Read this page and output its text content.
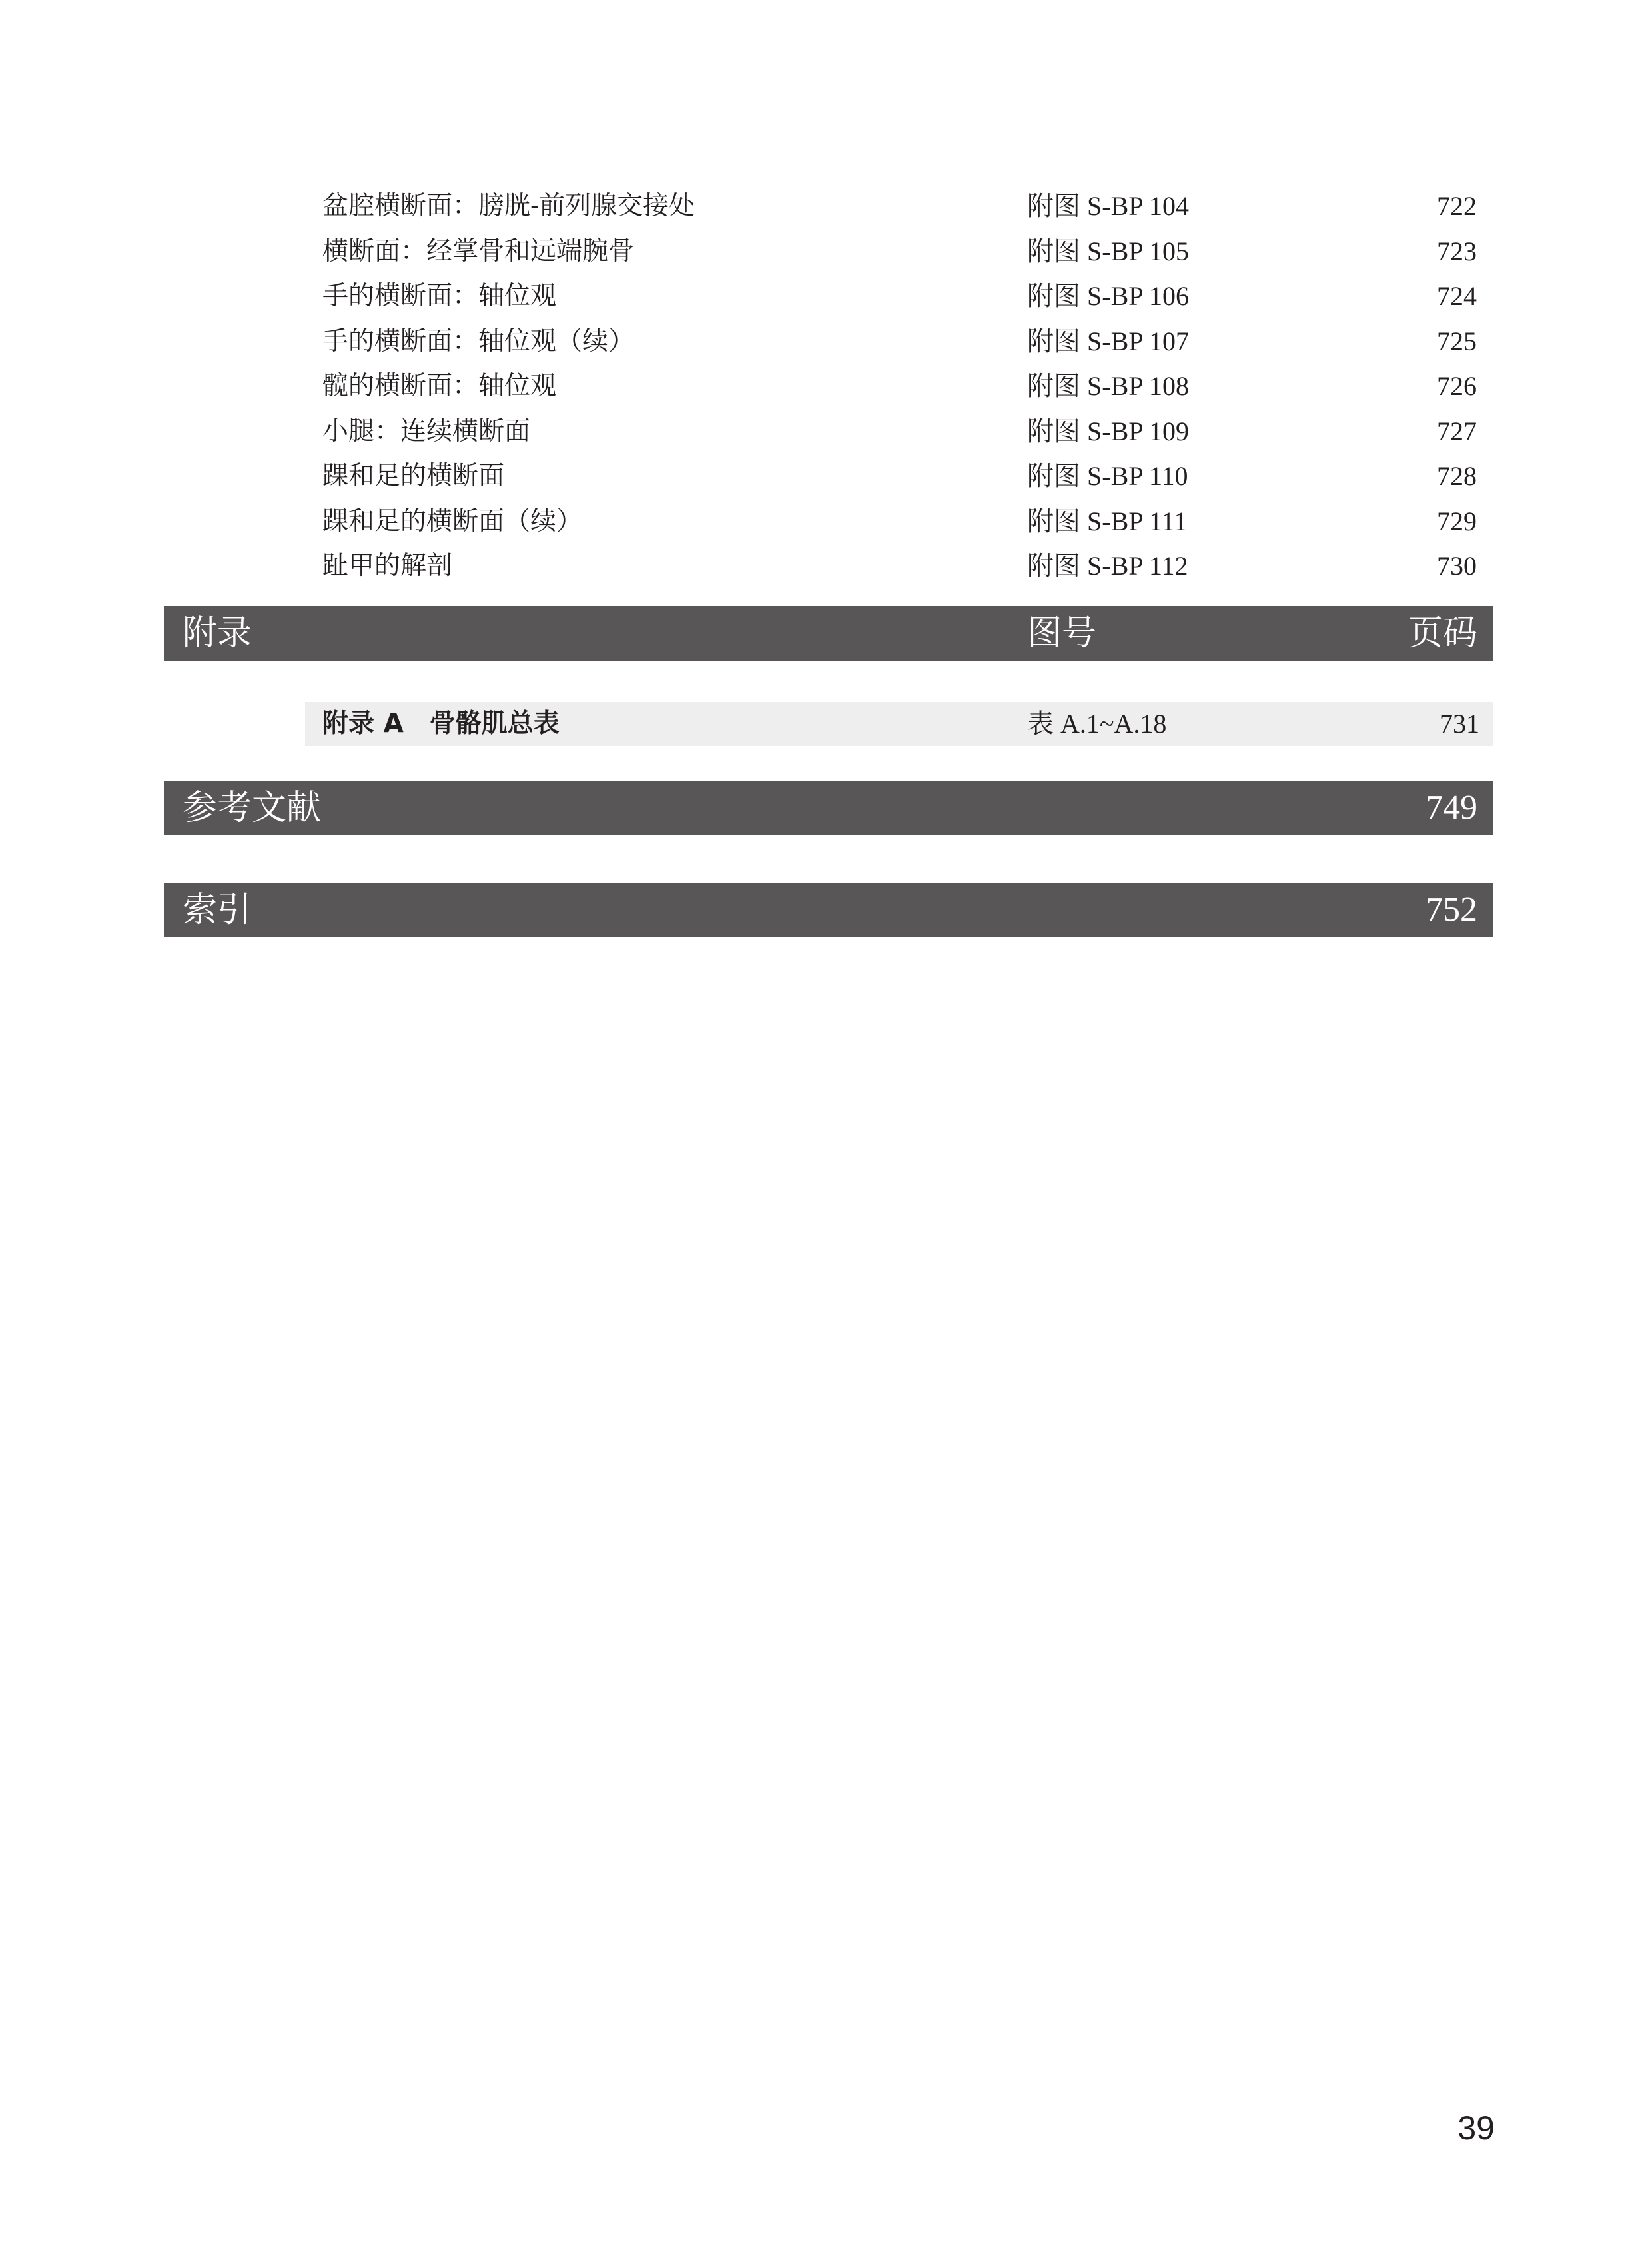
盆腔横断面：膀胱-前列腺交接处	附图 S-BP 104	722
横断面：经掌骨和远端腕骨	附图 S-BP 105	723
手的横断面：轴位观	附图 S-BP 106	724
手的横断面：轴位观（续）	附图 S-BP 107	725
髋的横断面：轴位观	附图 S-BP 108	726
小腿：连续横断面	附图 S-BP 109	727
踝和足的横断面	附图 S-BP 110	728
踝和足的横断面（续）	附图 S-BP 111	729
趾甲的解剖	附图 S-BP 112	730
附录	图号	页码
附录 A　骨骼肌总表	表 A.1~A.18	731
参考文献	749
索引	752
39
